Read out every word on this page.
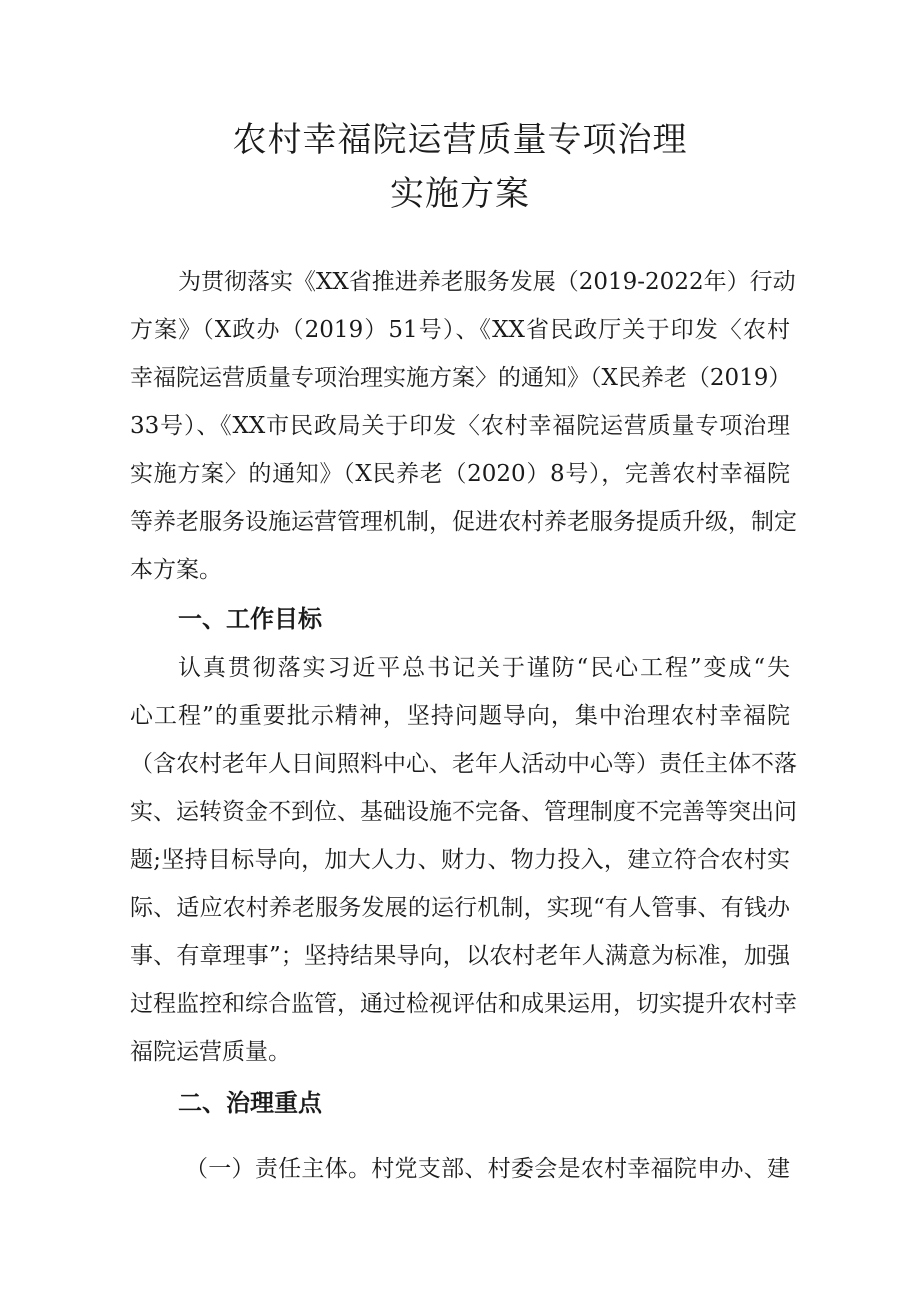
农村幸福院运营质量专项治理
实施方案
为贯彻落实《XX省推进养老服务发展（2019-2022年）行动
方案》（X政办（2019）51号）、《XX省民政厅关于印发〈农村
幸福院运营质量专项治理实施方案〉的通知》（X民养老（2019）
33号）、《XX市民政局关于印发〈农村幸福院运营质量专项治理
实施方案〉的通知》（X民养老（2020）8号），完善农村幸福院
等养老服务设施运营管理机制，促进农村养老服务提质升级，制定
本方案。
一、工作目标
认真贯彻落实习近平总书记关于谨防“民心工程”变成“失
心工程”的重要批示精神，坚持问题导向，集中治理农村幸福院
（含农村老年人日间照料中心、老年人活动中心等）责任主体不落
实、运转资金不到位、基础设施不完备、管理制度不完善等突出问
题;坚持目标导向，加大人力、财力、物力投入，建立符合农村实
际、适应农村养老服务发展的运行机制，实现“有人管事、有钱办
事、有章理事”；坚持结果导向，以农村老年人满意为标准，加强
过程监控和综合监管，通过检视评估和成果运用，切实提升农村幸
福院运营质量。
二、治理重点
（一）责任主体。村党支部、村委会是农村幸福院申办、建
